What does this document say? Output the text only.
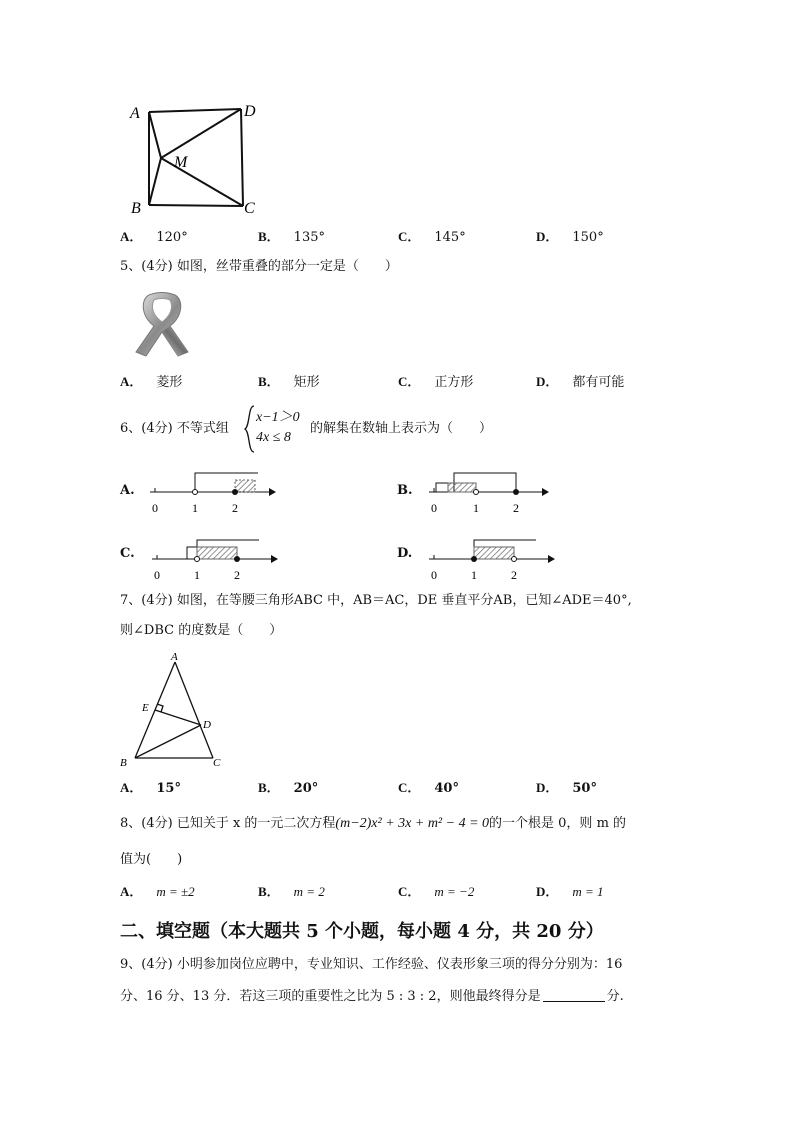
A	D
M
B	C
A． 120°	B． 135°	C． 145°	D． 150°
5、(4分) 如图，丝带重叠的部分一定是（　　）
A． 菱形	B． 矩形	C． 正方形	D． 都有可能
6、(4分) 不等式组
x−1＞0
4x ≤ 8
的解集在数轴上表示为（　　）
A.
0	1	2
B.
0	1	2
C.
0	1	2
D.
0	1	2
7、(4分) 如图，在等腰三角形ABC 中，AB＝AC，DE 垂直平分AB，已知∠ADE＝40°,
则∠DBC 的度数是（　　）
A
E
D
B	C
A． 15°	B． 20°	C． 40°	D． 50°
8、(4分) 已知关于 x 的一元二次方程(m−2)x² + 3x + m² − 4 = 0的一个根是 0，则 m 的
值为(　　)
A． m = ±2	B． m = 2	C． m = −2	D． m = 1
二、填空题（本大题共 5 个小题，每小题 4 分，共 20 分）
9、(4分) 小明参加岗位应聘中，专业知识、工作经验、仪表形象三项的得分分别为：16
分、16 分、13 分．若这三项的重要性之比为 5 : 3 : 2，则他最终得分是	分.
